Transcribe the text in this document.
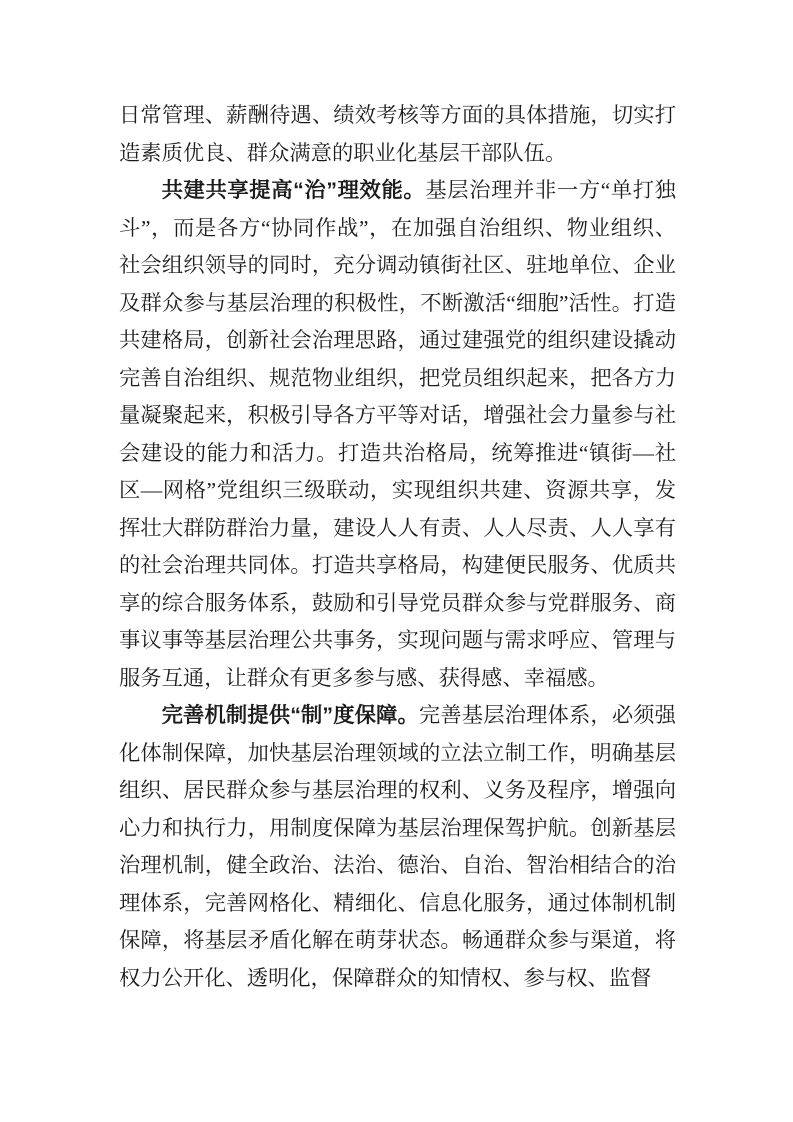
日常管理、薪酬待遇、绩效考核等方面的具体措施，切实打造素质优良、群众满意的职业化基层干部队伍。

共建共享提高“治”理效能。基层治理并非一方“单打独斗”，而是各方“协同作战”，在加强自治组织、物业组织、社会组织领导的同时，充分调动镇街社区、驻地单位、企业及群众参与基层治理的积极性，不断激活“细胞”活性。打造共建格局，创新社会治理思路，通过建强党的组织建设撬动完善自治组织、规范物业组织，把党员组织起来，把各方力量凝聚起来，积极引导各方平等对话，增强社会力量参与社会建设的能力和活力。打造共治格局，统筹推进“镇街—社区—网格”党组织三级联动，实现组织共建、资源共享，发挥壮大群防群治力量，建设人人有责、人人尽责、人人享有的社会治理共同体。打造共享格局，构建便民服务、优质共享的综合服务体系，鼓励和引导党员群众参与党群服务、商事议事等基层治理公共事务，实现问题与需求呼应、管理与服务互通，让群众有更多参与感、获得感、幸福感。

完善机制提供“制”度保障。完善基层治理体系，必须强化体制保障，加快基层治理领域的立法立制工作，明确基层组织、居民群众参与基层治理的权利、义务及程序，增强向心力和执行力，用制度保障为基层治理保驾护航。创新基层治理机制，健全政治、法治、德治、自治、智治相结合的治理体系，完善网格化、精细化、信息化服务，通过体制机制保障，将基层矛盾化解在萌芽状态。畅通群众参与渠道，将权力公开化、透明化，保障群众的知情权、参与权、监督
